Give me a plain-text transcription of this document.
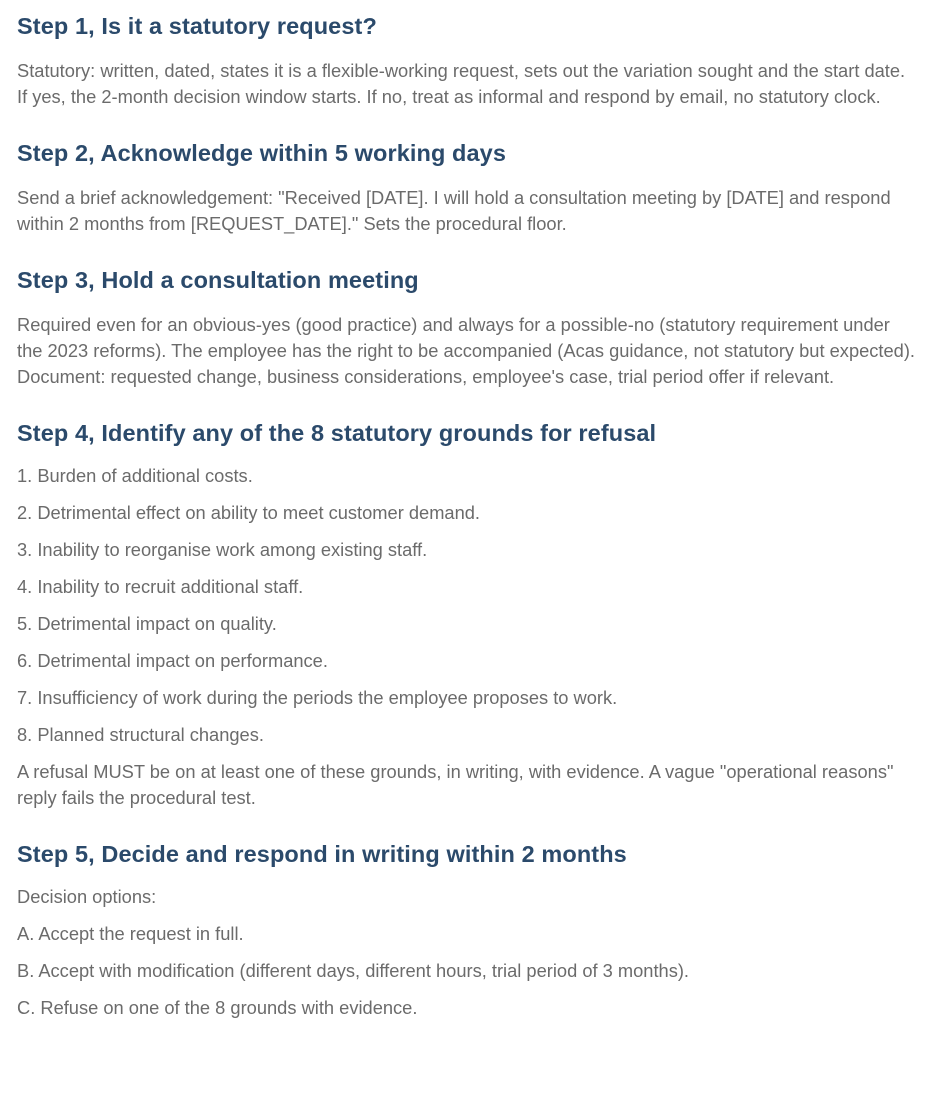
Step 1, Is it a statutory request?

Statutory: written, dated, states it is a flexible-working request, sets out the variation sought and the start date. If yes, the 2-month decision window starts. If no, treat as informal and respond by email, no statutory clock.

Step 2, Acknowledge within 5 working days

Send a brief acknowledgement: "Received [DATE]. I will hold a consultation meeting by [DATE] and respond within 2 months from [REQUEST_DATE]." Sets the procedural floor.

Step 3, Hold a consultation meeting

Required even for an obvious-yes (good practice) and always for a possible-no (statutory requirement under the 2023 reforms). The employee has the right to be accompanied (Acas guidance, not statutory but expected). Document: requested change, business considerations, employee's case, trial period offer if relevant.

Step 4, Identify any of the 8 statutory grounds for refusal

1. Burden of additional costs.

2. Detrimental effect on ability to meet customer demand.

3. Inability to reorganise work among existing staff.

4. Inability to recruit additional staff.

5. Detrimental impact on quality.

6. Detrimental impact on performance.

7. Insufficiency of work during the periods the employee proposes to work.

8. Planned structural changes.

A refusal MUST be on at least one of these grounds, in writing, with evidence. A vague "operational reasons" reply fails the procedural test.

Step 5, Decide and respond in writing within 2 months

Decision options:

A. Accept the request in full.

B. Accept with modification (different days, different hours, trial period of 3 months).

C. Refuse on one of the 8 grounds with evidence.
